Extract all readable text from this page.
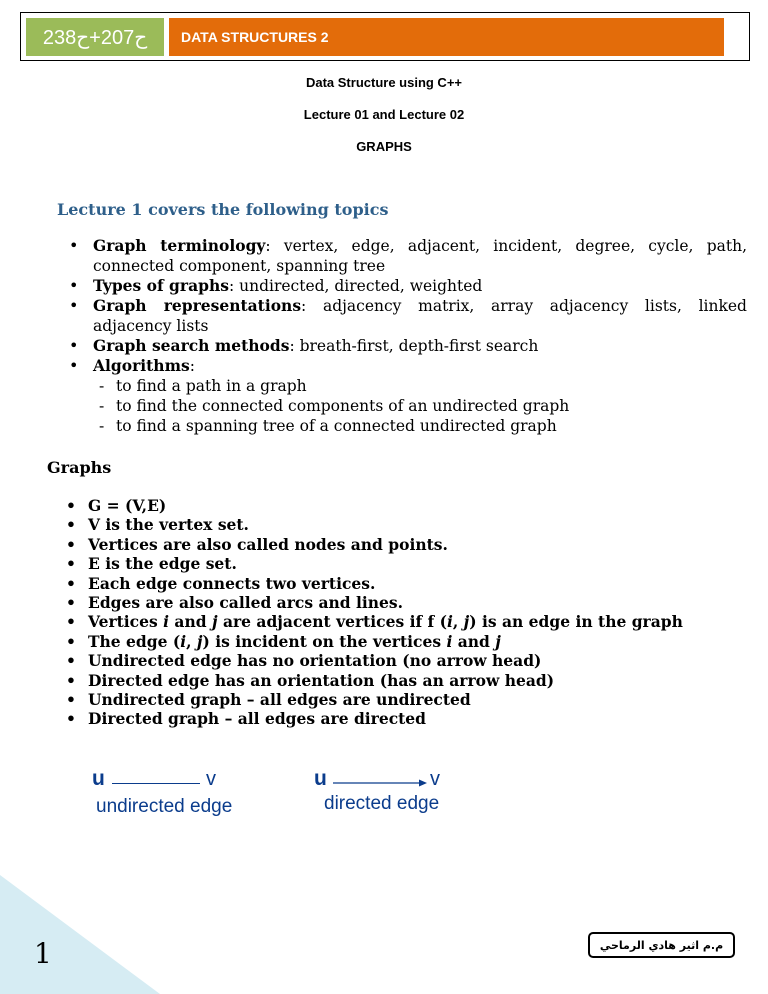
ح207+ح238	DATA STRUCTURES 2
Data Structure using C++
Lecture 01 and Lecture 02
GRAPHS
Lecture 1 covers the following topics
• Graph terminology: vertex, edge, adjacent, incident, degree, cycle, path, connected component, spanning tree
• Types of graphs: undirected, directed, weighted
• Graph representations: adjacency matrix, array adjacency lists, linked adjacency lists
• Graph search methods: breath-first, depth-first search
• Algorithms:
- to find a path in a graph
- to find the connected components of an undirected graph
- to find a spanning tree of a connected undirected graph
Graphs
• G = (V,E)
• V is the vertex set.
• Vertices are also called nodes and points.
• E is the edge set.
• Each edge connects two vertices.
• Edges are also called arcs and lines.
• Vertices i and j are adjacent vertices if f (i, j) is an edge in the graph
• The edge (i, j) is incident on the vertices i and j
• Undirected edge has no orientation (no arrow head)
• Directed edge has an orientation (has an arrow head)
• Undirected graph – all edges are undirected
• Directed graph – all edges are directed
u	v
undirected edge
u	v
directed edge
1	م.م اثير هادي الرماحي
